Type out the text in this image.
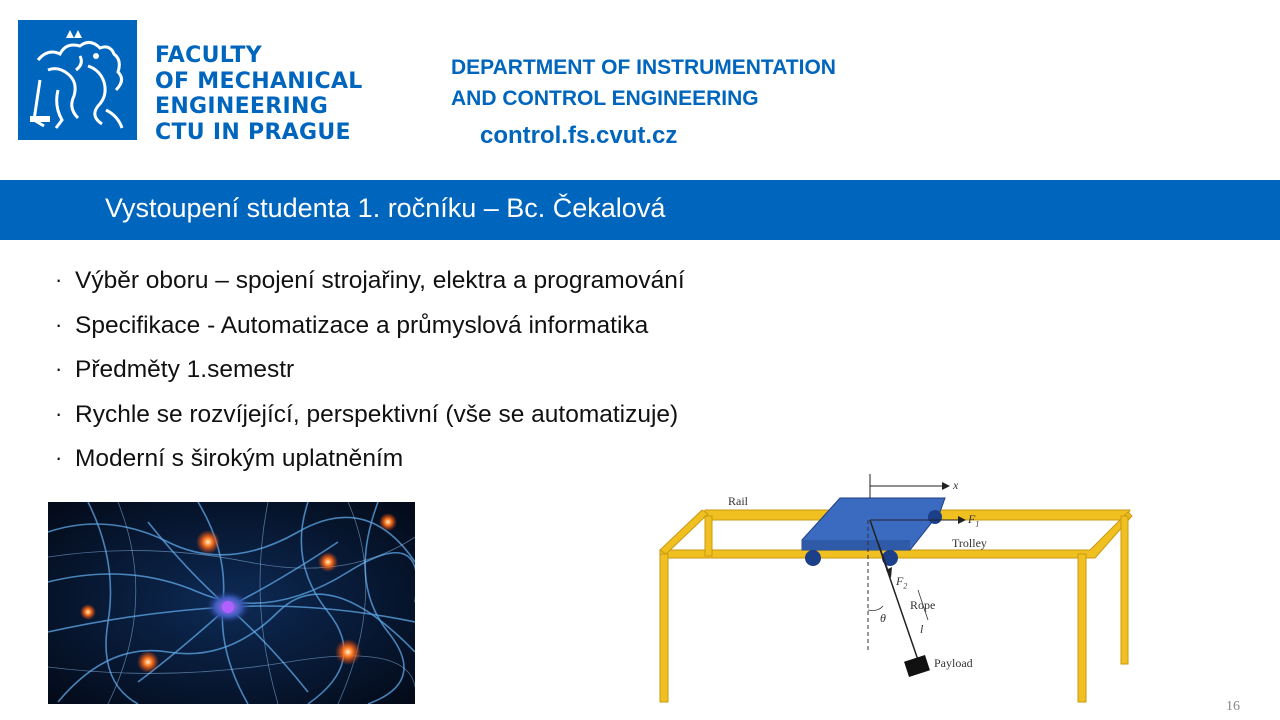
FACULTY
OF MECHANICAL
ENGINEERING
CTU IN PRAGUE
DEPARTMENT OF INSTRUMENTATION
AND CONTROL ENGINEERING
control.fs.cvut.cz
Vystoupení studenta 1. ročníku – Bc. Čekalová
· Výběr oboru – spojení strojařiny, elektra a programování
· Specifikace - Automatizace a průmyslová informatika
· Předměty 1.semestr
· Rychle se rozvíjející, perspektivní (vše se automatizuje)
· Moderní s širokým uplatněním
Rail
x
$F_1$
Trolley
$F_2$
Rope
θ
l
Payload
16
